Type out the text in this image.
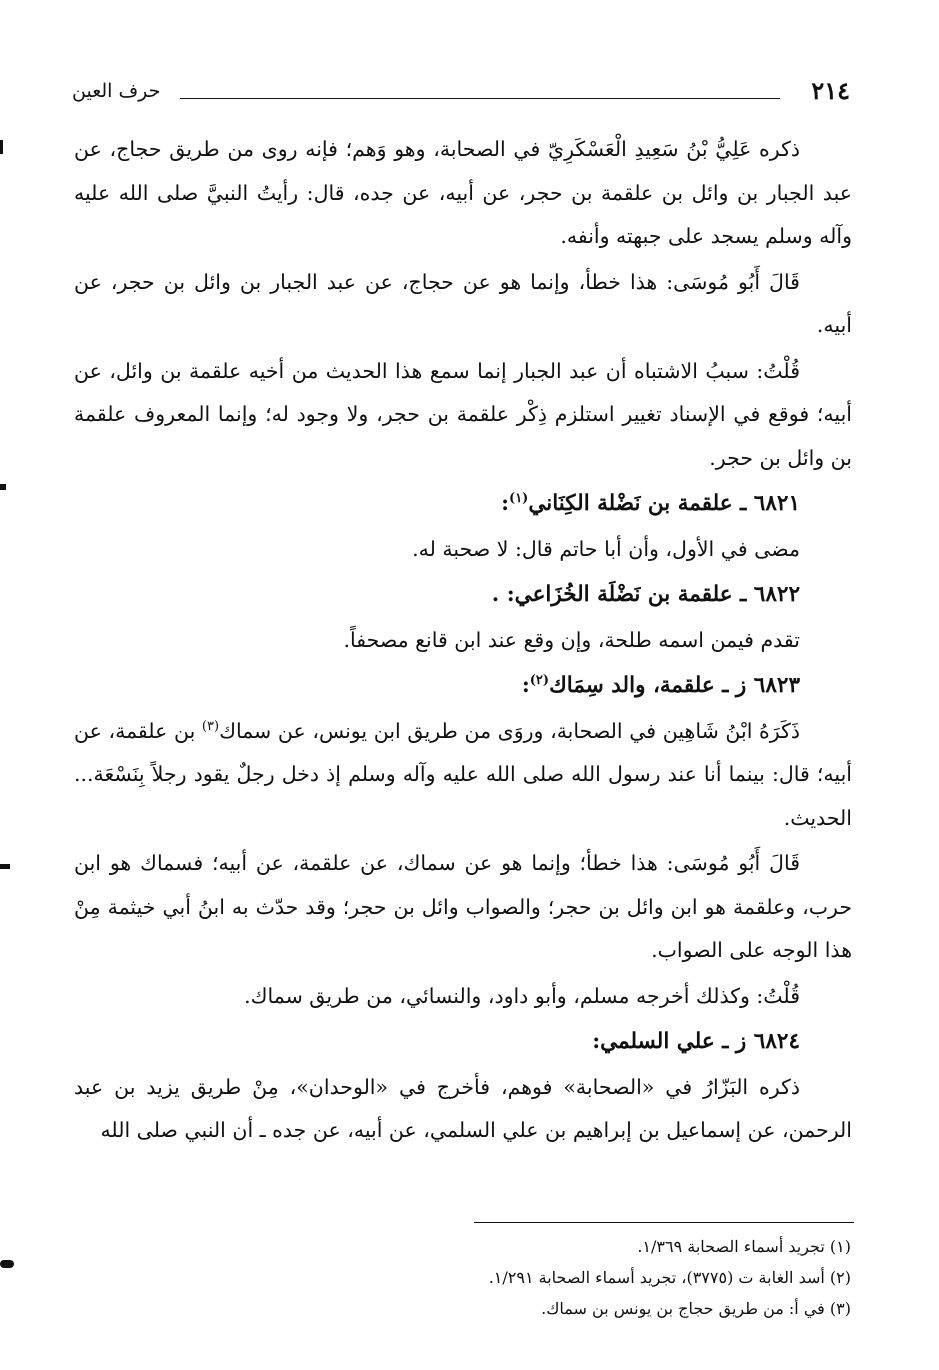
٢١٤
حرف العين

ذكره عَلِيُّ بْنُ سَعِيدِ الْعَسْكَرِيّ في الصحابة، وهو وَهم؛ فإنه روى من طريق حجاج، عن عبد الجبار بن وائل بن علقمة بن حجر، عن أبيه، عن جده، قال: رأيتُ النبيَّ صلى الله عليه وآله وسلم يسجد على جبهته وأنفه.

قَالَ أَبُو مُوسَى: هذا خطأ، وإنما هو عن حجاج، عن عبد الجبار بن وائل بن حجر، عن أبيه.

قُلْتُ: سببُ الاشتباه أن عبد الجبار إنما سمع هذا الحديث من أخيه علقمة بن وائل، عن أبيه؛ فوقع في الإسناد تغيير استلزم ذِكْر علقمة بن حجر، ولا وجود له؛ وإنما المعروف علقمة بن وائل بن حجر.

٦٨٢١ ـ علقمة بن نَضْلة الكِنَاني$^{(١)}$:

مضى في الأول، وأن أبا حاتم قال: لا صحبة له.

٦٨٢٢ ـ علقمة بن نَضْلَة الخُزَاعي: .

تقدم فيمن اسمه طلحة، وإن وقع عند ابن قانع مصحفاً.

٦٨٢٣ ز ـ علقمة، والد سِمَاك$^{(٢)}$:

ذَكَرَهُ ابْنُ شَاهِين في الصحابة، وروَى من طريق ابن يونس، عن سماك$^{(٣)}$ بن علقمة، عن أبيه؛ قال: بينما أنا عند رسول الله صلى الله عليه وآله وسلم إذ دخل رجلٌ يقود رجلاً بِنَسْعَة... الحديث.

قَالَ أَبُو مُوسَى: هذا خطأ؛ وإنما هو عن سماك، عن علقمة، عن أبيه؛ فسماك هو ابن حرب، وعلقمة هو ابن وائل بن حجر؛ والصواب وائل بن حجر؛ وقد حدّث به ابنُ أبي خيثمة مِنْ هذا الوجه على الصواب.

قُلْتُ: وكذلك أخرجه مسلم، وأبو داود، والنسائي، من طريق سماك.

٦٨٢٤ ز ـ علي السلمي:

ذكره البَزّارُ في «الصحابة» فوهم، فأخرج في «الوحدان»، مِنْ طريق يزيد بن عبد الرحمن، عن إسماعيل بن إبراهيم بن علي السلمي، عن أبيه، عن جده ـ أن النبي صلى الله

(١) تجريد أسماء الصحابة ١/٣٦٩.
(٢) أسد الغابة ت (٣٧٧٥)، تجريد أسماء الصحابة ١/٢٩١.
(٣) في أ: من طريق حجاج بن يونس بن سماك.
